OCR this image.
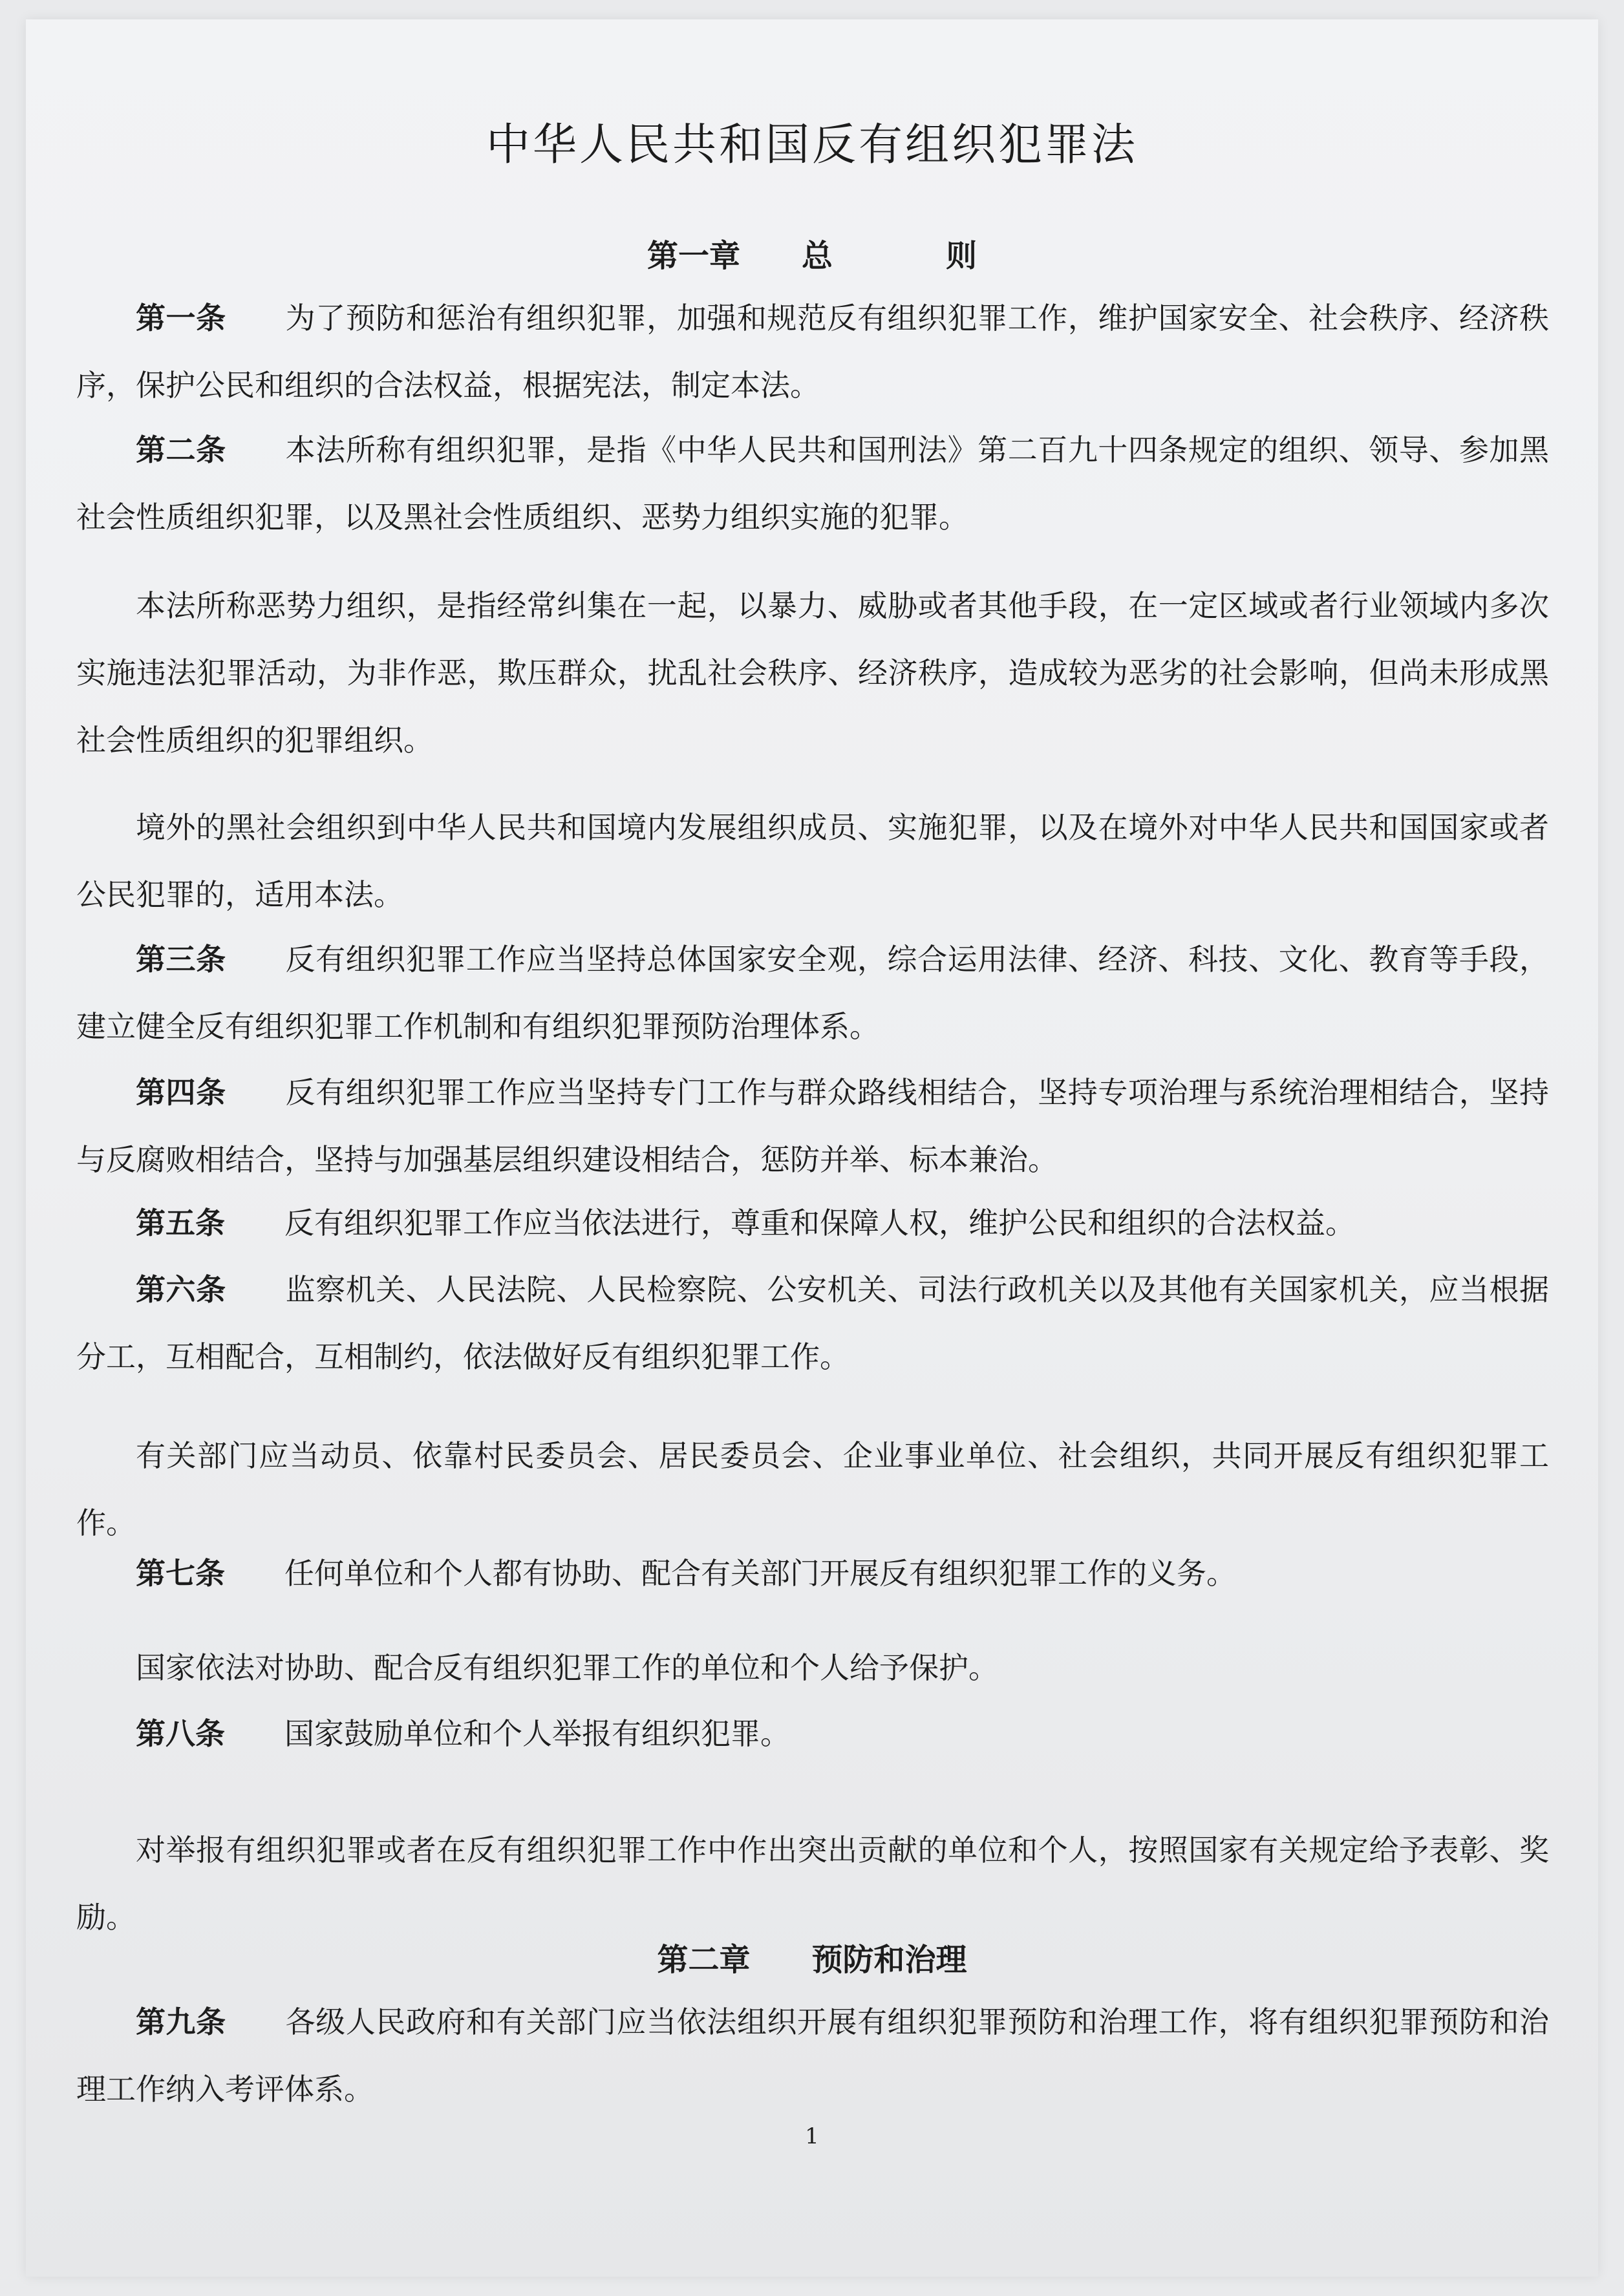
中华人民共和国反有组织犯罪法
第一章 总则

第一条 为了预防和惩治有组织犯罪，加强和规范反有组织犯罪工作，维护国家安全、社会秩序、经济秩序，保护公民和组织的合法权益，根据宪法，制定本法。

第二条 本法所称有组织犯罪，是指《中华人民共和国刑法》第二百九十四条规定的组织、领导、参加黑社会性质组织犯罪，以及黑社会性质组织、恶势力组织实施的犯罪。

本法所称恶势力组织，是指经常纠集在一起，以暴力、威胁或者其他手段，在一定区域或者行业领域内多次实施违法犯罪活动，为非作恶，欺压群众，扰乱社会秩序、经济秩序，造成较为恶劣的社会影响，但尚未形成黑社会性质组织的犯罪组织。

境外的黑社会组织到中华人民共和国境内发展组织成员、实施犯罪，以及在境外对中华人民共和国国家或者公民犯罪的，适用本法。

第三条 反有组织犯罪工作应当坚持总体国家安全观，综合运用法律、经济、科技、文化、教育等手段，建立健全反有组织犯罪工作机制和有组织犯罪预防治理体系。

第四条 反有组织犯罪工作应当坚持专门工作与群众路线相结合，坚持专项治理与系统治理相结合，坚持与反腐败相结合，坚持与加强基层组织建设相结合，惩防并举、标本兼治。

第五条 反有组织犯罪工作应当依法进行，尊重和保障人权，维护公民和组织的合法权益。

第六条 监察机关、人民法院、人民检察院、公安机关、司法行政机关以及其他有关国家机关，应当根据分工，互相配合，互相制约，依法做好反有组织犯罪工作。

有关部门应当动员、依靠村民委员会、居民委员会、企业事业单位、社会组织，共同开展反有组织犯罪工作。

第七条 任何单位和个人都有协助、配合有关部门开展反有组织犯罪工作的义务。

国家依法对协助、配合反有组织犯罪工作的单位和个人给予保护。

第八条 国家鼓励单位和个人举报有组织犯罪。

对举报有组织犯罪或者在反有组织犯罪工作中作出突出贡献的单位和个人，按照国家有关规定给予表彰、奖励。

第二章 预防和治理

第九条 各级人民政府和有关部门应当依法组织开展有组织犯罪预防和治理工作，将有组织犯罪预防和治理工作纳入考评体系。

1
